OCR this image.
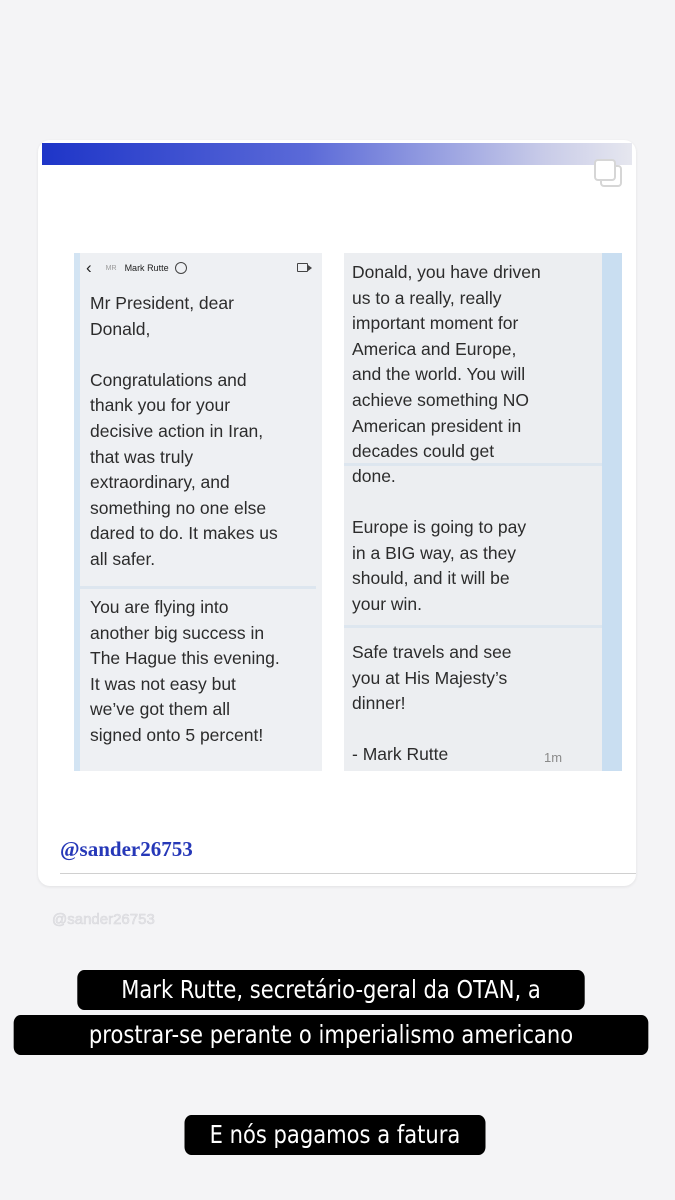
‹ MR Mark Rutte
Mr President, dear
Donald,

Congratulations and
thank you for your
decisive action in Iran,
that was truly
extraordinary, and
something no one else
dared to do. It makes us
all safer.
You are flying into
another big success in
The Hague this evening.
It was not easy but
we’ve got them all
signed onto 5 percent!
Donald, you have driven
us to a really, really
important moment for
America and Europe,
and the world. You will
achieve something NO
American president in
decades could get
done.

Europe is going to pay
in a BIG way, as they
should, and it will be
your win.
Safe travels and see
you at His Majesty’s
dinner!

- Mark Rutte	1m
@sander26753
@sander26753
Mark Rutte, secretário-geral da OTAN, a
prostrar-se perante o imperialismo americano
E nós pagamos a fatura
